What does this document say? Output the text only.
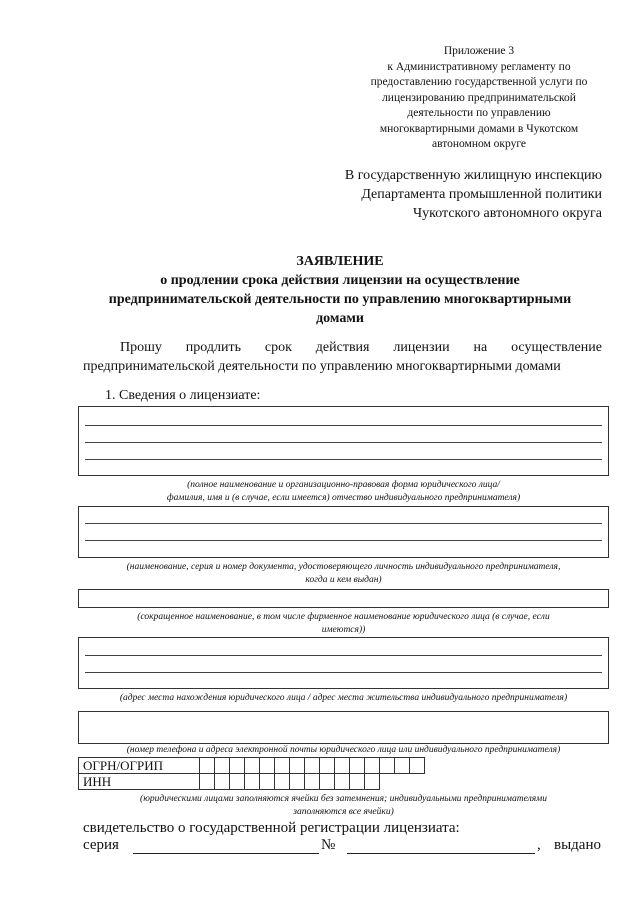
Приложение 3
к Административному регламенту по
предоставлению государственной услуги по
лицензированию предпринимательской
деятельности по управлению
многоквартирными домами в Чукотском
автономном округе
В государственную жилищную инспекцию
Департамента промышленной политики
Чукотского автономного округа
ЗАЯВЛЕНИЕ
о продлении срока действия лицензии на осуществление
предпринимательской деятельности по управлению многоквартирными
домами
Прошу продлить срок действия лицензии на осуществление
предпринимательской деятельности по управлению многоквартирными домами
1. Сведения о лицензиате:
(полное наименование и организационно-правовая форма юридического лица/
фамилия, имя и (в случае, если имеется) отчество индивидуального предпринимателя)
(наименование, серия и номер документа, удостоверяющего личность индивидуального предпринимателя,
когда и кем выдан)
(сокращенное наименование, в том числе фирменное наименование юридического лица (в случае, если
имеются))
(адрес места нахождения юридического лица / адрес места жительства индивидуального предпринимателя)
(номер телефона и адреса электронной почты юридического лица или индивидуального предпринимателя)
ОГРН/ОГРИП															
ИНН															
(юридическими лицами заполняются ячейки без затемнения; индивидуальными предпринимателями
заполняются все ячейки)
свидетельство о государственной регистрации лицензиата:
серия	№	выдано
,
